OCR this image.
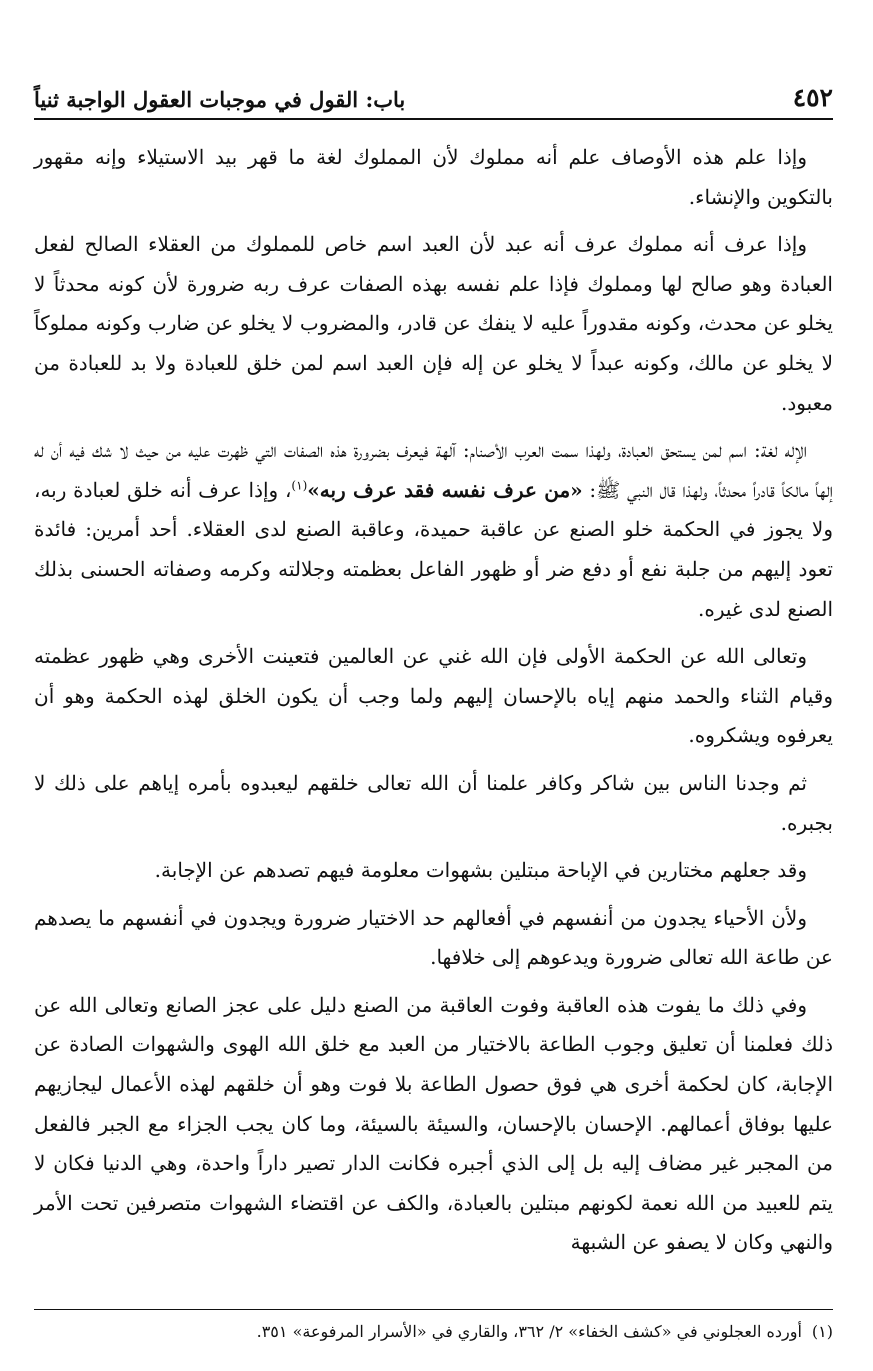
٤٥٢
باب: القول في موجبات العقول الواجبة ثنياً

وإذا علم هذه الأوصاف علم أنه مملوك لأن المملوك لغة ما قهر بيد الاستيلاء وإنه مقهور بالتكوين والإنشاء.

وإذا عرف أنه مملوك عرف أنه عبد لأن العبد اسم خاص للمملوك من العقلاء الصالح لفعل العبادة وهو صالح لها ومملوك فإذا علم نفسه بهذه الصفات عرف ربه ضرورة لأن كونه محدثاً لا يخلو عن محدث، وكونه مقدوراً عليه لا ينفك عن قادر، والمضروب لا يخلو عن ضارب وكونه مملوكاً لا يخلو عن مالك، وكونه عبداً لا يخلو عن إله فإن العبد اسم لمن خلق للعبادة ولا بد للعبادة من معبود.

الإله لغة: اسم لمن يستحق العبادة، ولهذا سمت العرب الأصنام: آلهة فيعرف بضرورة هذه الصفات التي ظهرت عليه من حيث لا شك فيه أن له إلهاً مالكاً قادراً محدثاً، ولهذا قال النبي ﷺ: «من عرف نفسه فقد عرف ربه»$^{(١)}$، وإذا عرف أنه خلق لعبادة ربه، ولا يجوز في الحكمة خلو الصنع عن عاقبة حميدة، وعاقبة الصنع لدى العقلاء. أحد أمرين: فائدة تعود إليهم من جلبة نفع أو دفع ضر أو ظهور الفاعل بعظمته وجلالته وكرمه وصفاته الحسنى بذلك الصنع لدى غيره.

وتعالى الله عن الحكمة الأولى فإن الله غني عن العالمين فتعينت الأخرى وهي ظهور عظمته وقيام الثناء والحمد منهم إياه بالإحسان إليهم ولما وجب أن يكون الخلق لهذه الحكمة وهو أن يعرفوه ويشكروه.

ثم وجدنا الناس بين شاكر وكافر علمنا أن الله تعالى خلقهم ليعبدوه بأمره إياهم على ذلك لا بجبره.

وقد جعلهم مختارين في الإباحة مبتلين بشهوات معلومة فيهم تصدهم عن الإجابة.

ولأن الأحياء يجدون من أنفسهم في أفعالهم حد الاختيار ضرورة ويجدون في أنفسهم ما يصدهم عن طاعة الله تعالى ضرورة ويدعوهم إلى خلافها.

وفي ذلك ما يفوت هذه العاقبة وفوت العاقبة من الصنع دليل على عجز الصانع وتعالى الله عن ذلك فعلمنا أن تعليق وجوب الطاعة بالاختيار من العبد مع خلق الله الهوى والشهوات الصادة عن الإجابة، كان لحكمة أخرى هي فوق حصول الطاعة بلا فوت وهو أن خلقهم لهذه الأعمال ليجازيهم عليها بوفاق أعمالهم. الإحسان بالإحسان، والسيئة بالسيئة، وما كان يجب الجزاء مع الجبر فالفعل من المجبر غير مضاف إليه بل إلى الذي أجبره فكانت الدار تصير داراً واحدة، وهي الدنيا فكان لا يتم للعبيد من الله نعمة لكونهم مبتلين بالعبادة، والكف عن اقتضاء الشهوات متصرفين تحت الأمر والنهي وكان لا يصفو عن الشبهة

(١)أورده العجلوني في «كشف الخفاء» ٢/ ٣٦٢، والقاري في «الأسرار المرفوعة» ٣٥١.
